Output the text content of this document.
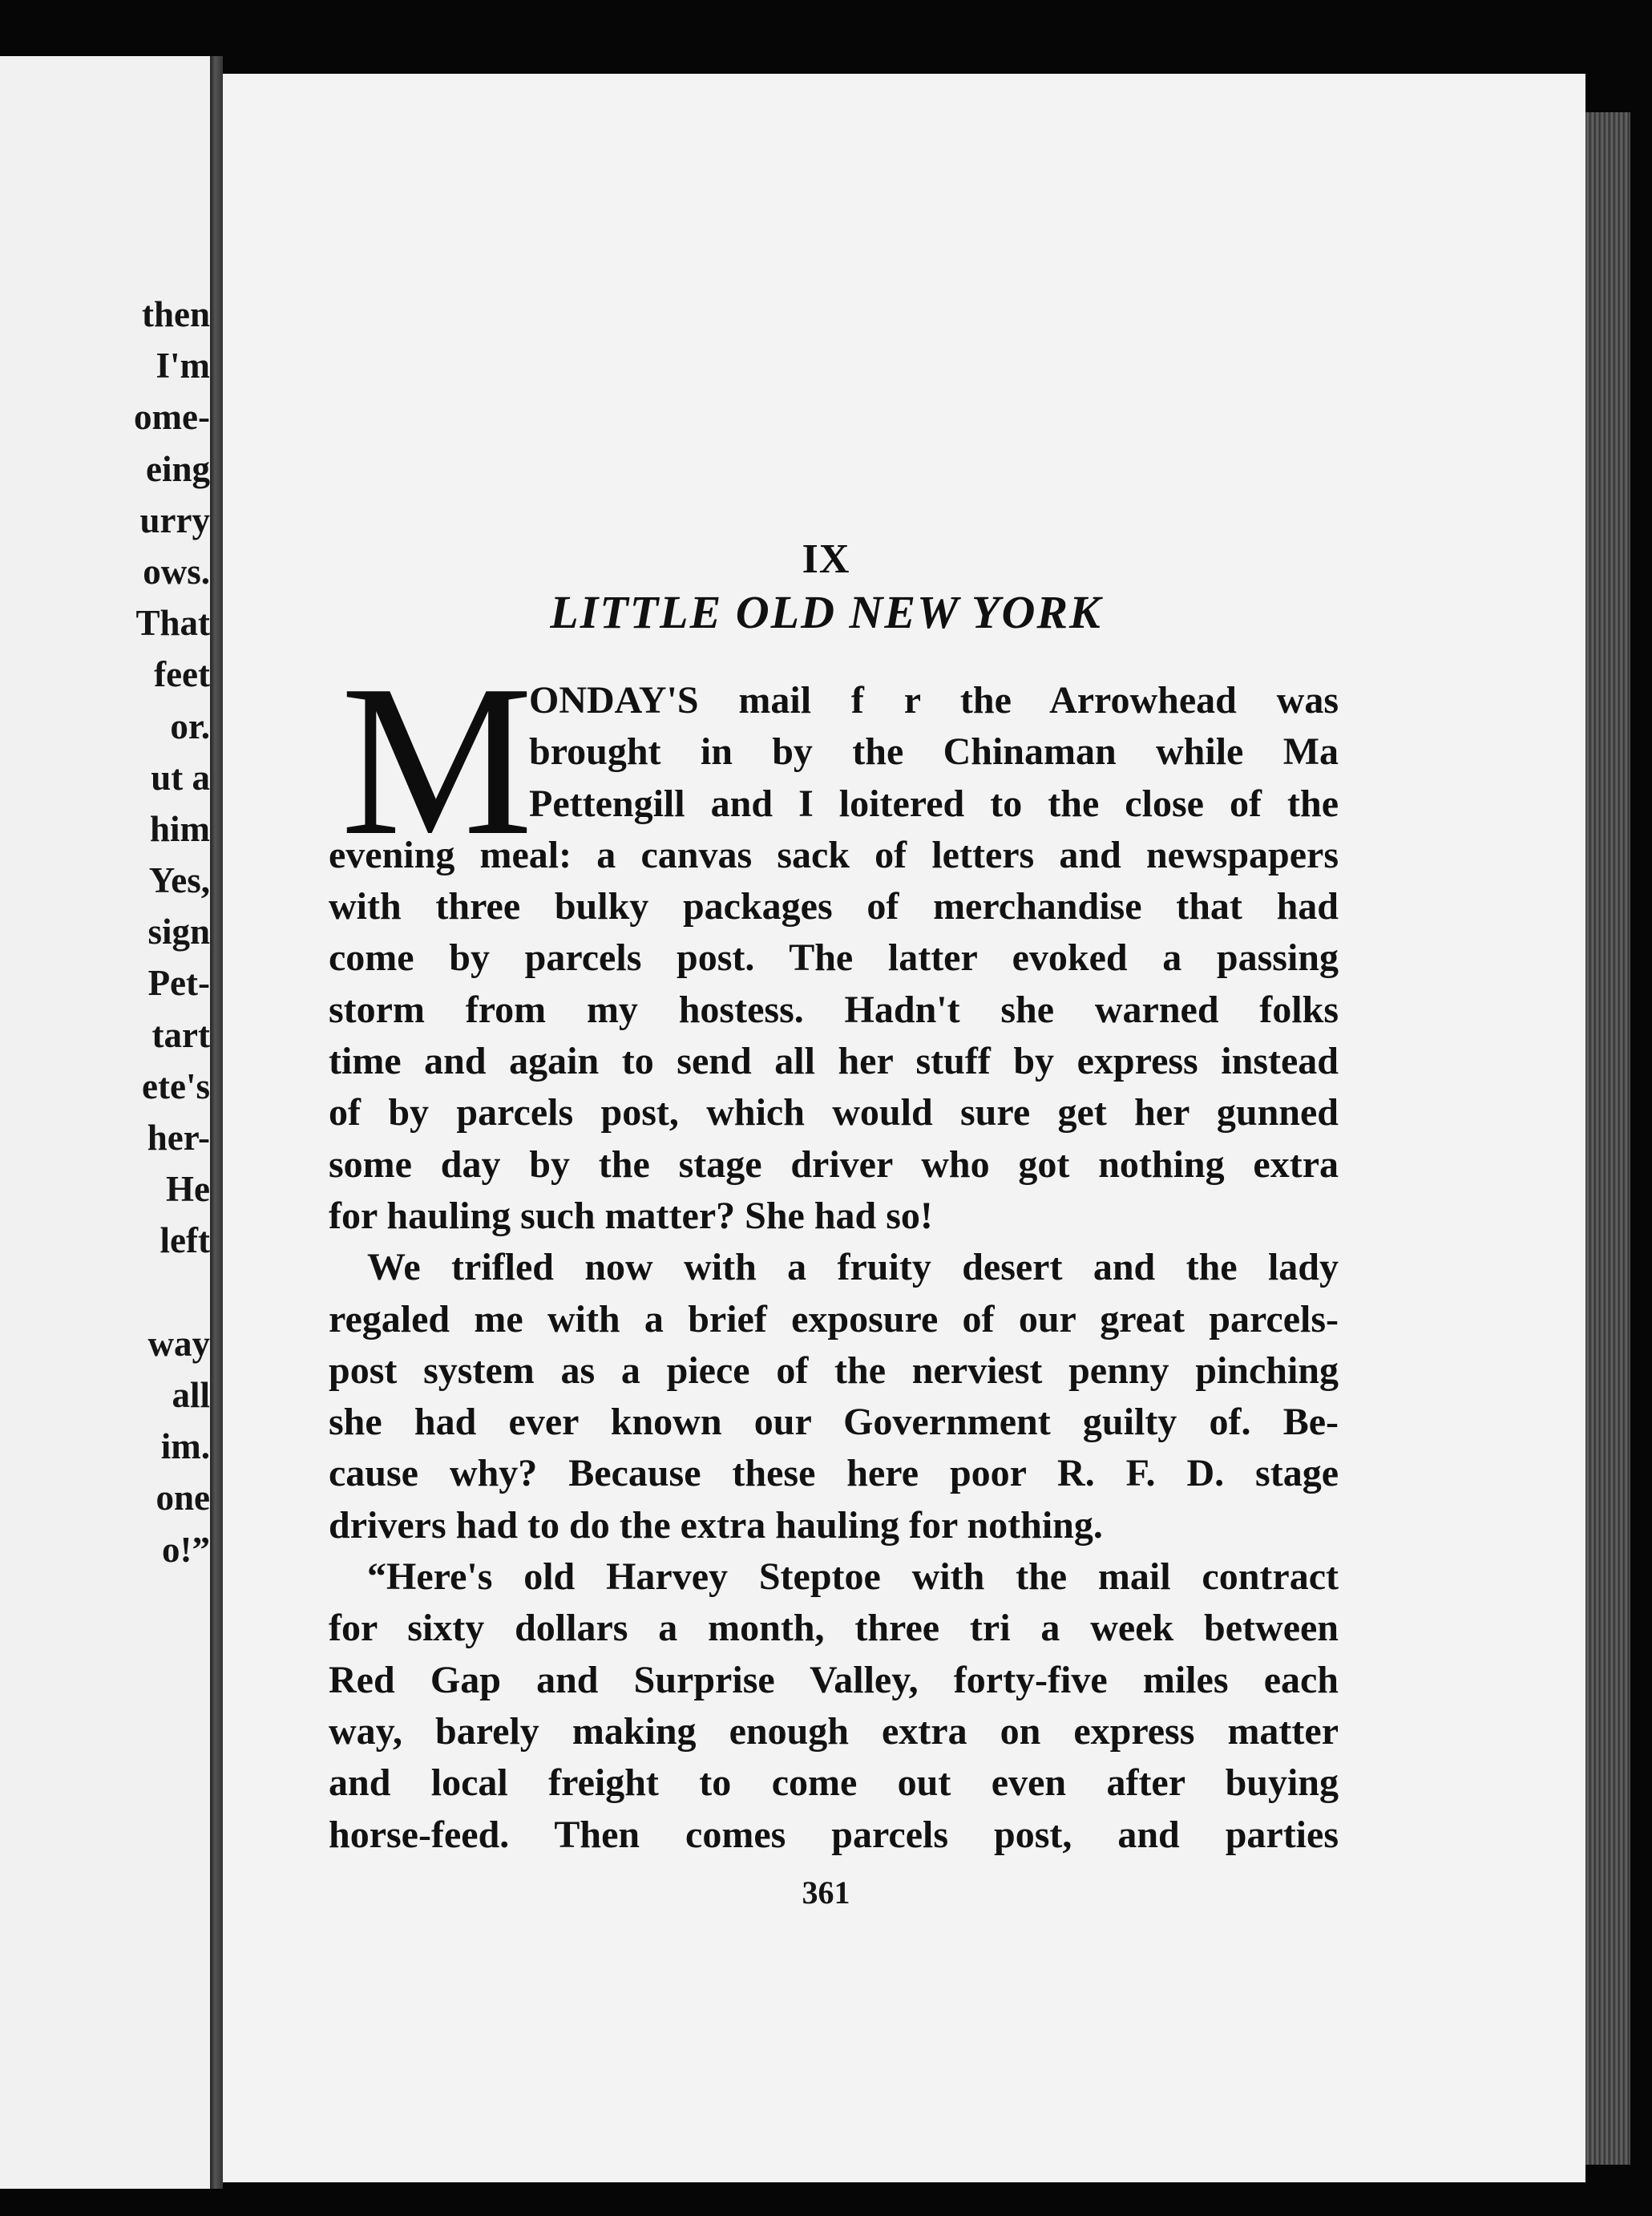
then
I'm
ome-
eing
urry
ows.
That
feet
or.
ut a
him
Yes,
sign
Pet-
tart
ete's
her-
He
left
way
all
im.
one
o!”
IX
LITTLE OLD NEW YORK
M
ONDAY'S mail f r the Arrowhead was
brought in by the Chinaman while Ma
Pettengill and I loitered to the close of the
evening meal: a canvas sack of letters and newspapers
with three bulky packages of merchandise that had
come by parcels post. The latter evoked a passing
storm from my hostess. Hadn't she warned folks
time and again to send all her stuff by express instead
of by parcels post, which would sure get her gunned
some day by the stage driver who got nothing extra
for hauling such matter? She had so!
We trifled now with a fruity desert and the lady
regaled me with a brief exposure of our great parcels-
post system as a piece of the nerviest penny pinching
she had ever known our Government guilty of. Be-
cause why? Because these here poor R. F. D. stage
drivers had to do the extra hauling for nothing.
“Here's old Harvey Steptoe with the mail contract
for sixty dollars a month, three tri a week between
Red Gap and Surprise Valley, forty-five miles each
way, barely making enough extra on express matter
and local freight to come out even after buying
horse-feed. Then comes parcels post, and parties
361
